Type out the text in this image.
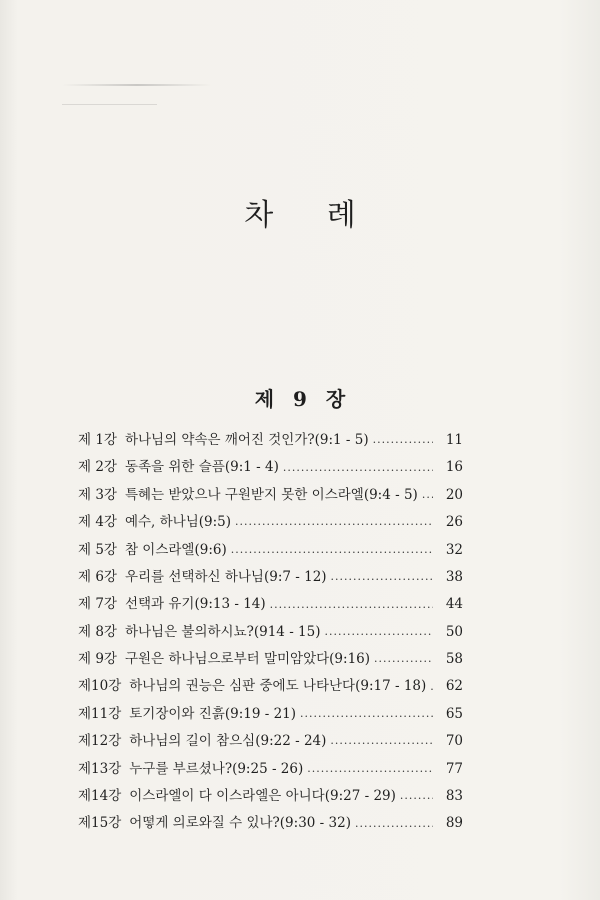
차 례
제 9 장
제 1강 하나님의 약속은 깨어진 것인가?(9:1 - 5) ·····	11
제 2강 동족을 위한 슬픔(9:1 - 4) ·····	16
제 3강 특혜는 받았으나 구원받지 못한 이스라엘(9:4 - 5) ·····	20
제 4강 예수, 하나님(9:5) ·····	26
제 5강 참 이스라엘(9:6) ·····	32
제 6강 우리를 선택하신 하나님(9:7 - 12) ·····	38
제 7강 선택과 유기(9:13 - 14) ·····	44
제 8강 하나님은 불의하시뇨?(914 - 15) ·····	50
제 9강 구원은 하나님으로부터 말미암았다(9:16) ·····	58
제10강 하나님의 권능은 심판 중에도 나타난다(9:17 - 18) ·····	62
제11강 토기장이와 진흙(9:19 - 21) ·····	65
제12강 하나님의 길이 참으심(9:22 - 24) ·····	70
제13강 누구를 부르셨나?(9:25 - 26) ·····	77
제14강 이스라엘이 다 이스라엘은 아니다(9:27 - 29) ·····	83
제15강 어떻게 의로와질 수 있나?(9:30 - 32) ·····	89
